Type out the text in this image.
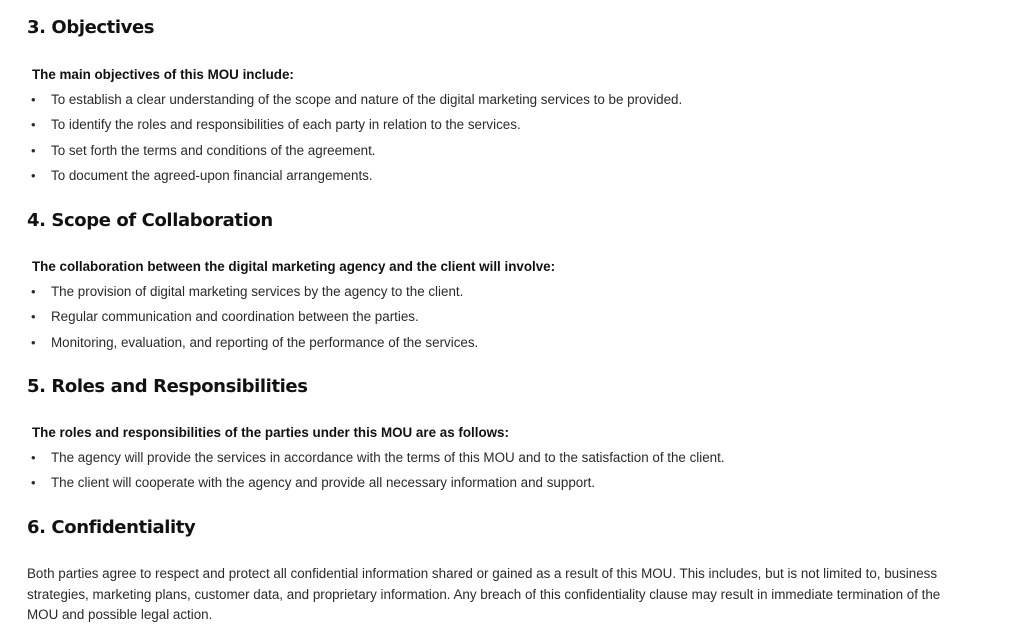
3. Objectives

The main objectives of this MOU include:

• To establish a clear understanding of the scope and nature of the digital marketing services to be provided.
• To identify the roles and responsibilities of each party in relation to the services.
• To set forth the terms and conditions of the agreement.
• To document the agreed-upon financial arrangements.
4. Scope of Collaboration

The collaboration between the digital marketing agency and the client will involve:

• The provision of digital marketing services by the agency to the client.
• Regular communication and coordination between the parties.
• Monitoring, evaluation, and reporting of the performance of the services.
5. Roles and Responsibilities

The roles and responsibilities of the parties under this MOU are as follows:

• The agency will provide the services in accordance with the terms of this MOU and to the satisfaction of the client.
• The client will cooperate with the agency and provide all necessary information and support.
6. Confidentiality

Both parties agree to respect and protect all confidential information shared or gained as a result of this MOU. This includes, but is not limited to, business strategies, marketing plans, customer data, and proprietary information. Any breach of this confidentiality clause may result in immediate termination of the MOU and possible legal action.
